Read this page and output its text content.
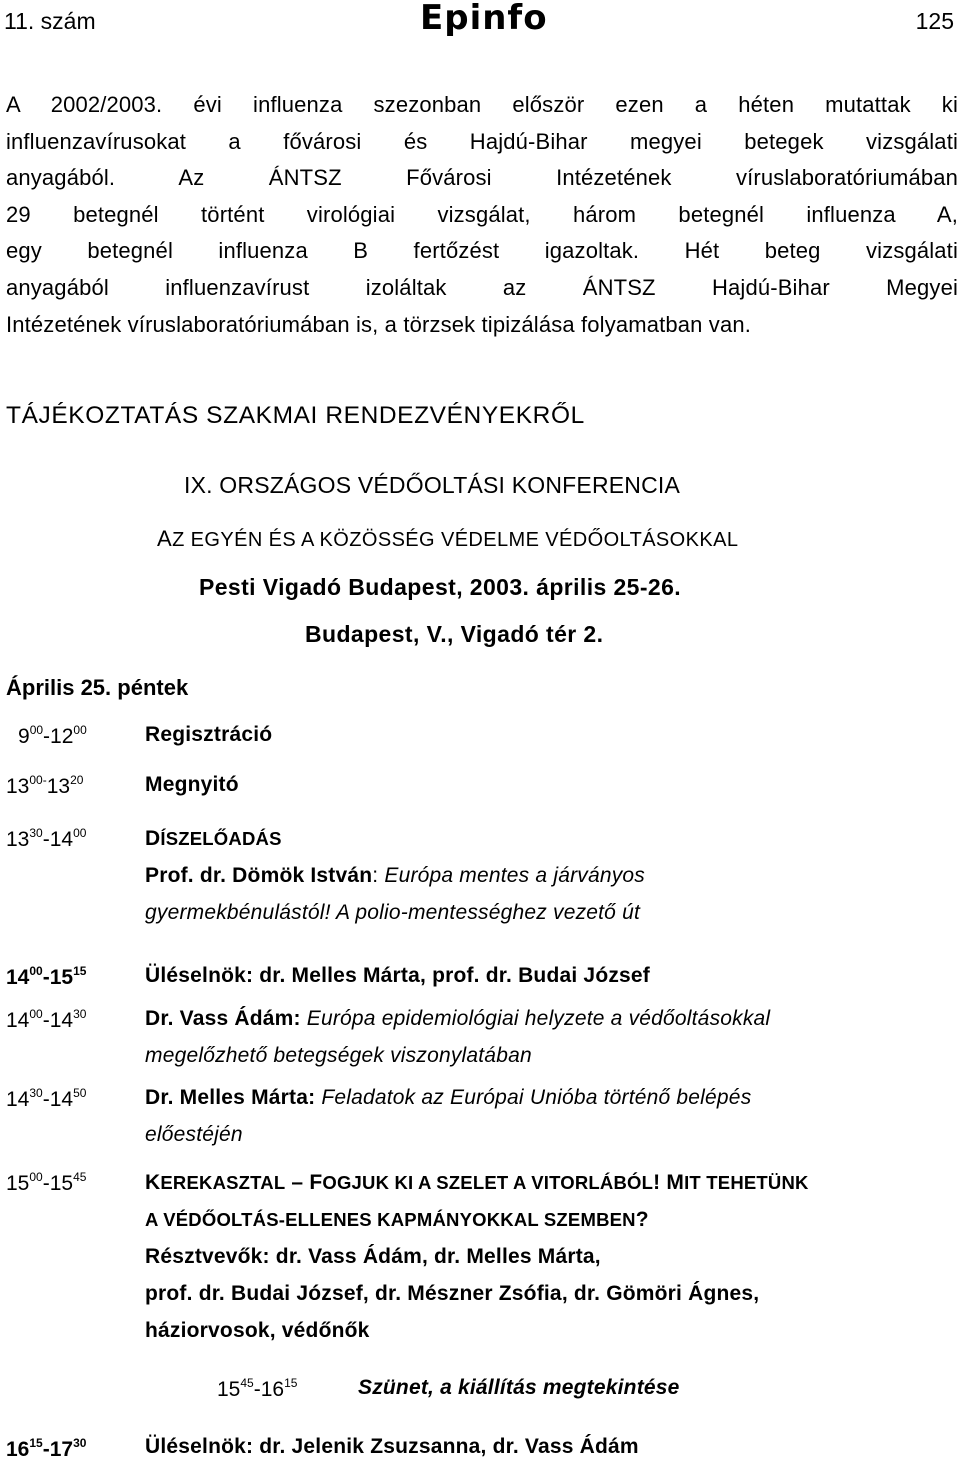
11. szám	Epinfo	125

A 2002/2003. évi influenza szezonban először ezen a héten mutattak ki

influenzavírusokat a fővárosi és Hajdú-Bihar megyei betegek vizsgálati

anyagából. Az ÁNTSZ Fővárosi Intézetének víruslaboratóriumában

29 betegnél történt virológiai vizsgálat, három betegnél influenza A,

egy betegnél influenza B fertőzést igazoltak. Hét beteg vizsgálati

anyagából influenzavírust izoláltak az ÁNTSZ Hajdú-Bihar Megyei

Intézetének víruslaboratóriumában is, a törzsek tipizálása folyamatban van.

TÁJÉKOZTATÁS SZAKMAI RENDEZVÉNYEKRŐL
IX. ORSZÁGOS VÉDŐOLTÁSI KONFERENCIA
AZ EGYÉN ÉS A KÖZÖSSÉG VÉDELME VÉDŐOLTÁSOKKAL
Pesti Vigadó Budapest, 2003. április 25-26.
Budapest, V., Vigadó tér 2.
Április 25. péntek
$9^{00}-12^{00}$	Regisztráció
$13^{00-}13^{20}$	Megnyitó
$13^{30}-14^{00}$	DÍSZELŐADÁS
Prof. dr. Dömök István: Európa mentes a járványos
gyermekbénulástól! A polio-mentességhez vezető út
$14^{00}-15^{15}$	Üléselnök: dr. Melles Márta, prof. dr. Budai József
$14^{00}-14^{30}$	Dr. Vass Ádám: Európa epidemiológiai helyzete a védőoltásokkal
megelőzhető betegségek viszonylatában
$14^{30}-14^{50}$	Dr. Melles Márta: Feladatok az Európai Unióba történő belépés
előestéjén
$15^{00}-15^{45}$	KEREKASZTAL – FOGJUK KI A SZELET A VITORLÁBÓL! MIT TEHETÜNK
A VÉDŐOLTÁS-ELLENES KAPMÁNYOKKAL SZEMBEN?
Résztvevők: dr. Vass Ádám, dr. Melles Márta,
prof. dr. Budai József, dr. Mészner Zsófia, dr. Gömöri Ágnes,
háziorvosok, védőnők
$15^{45}-16^{15}$	Szünet, a kiállítás megtekintése
$16^{15}-17^{30}$	Üléselnök: dr. Jelenik Zsuzsanna, dr. Vass Ádám
